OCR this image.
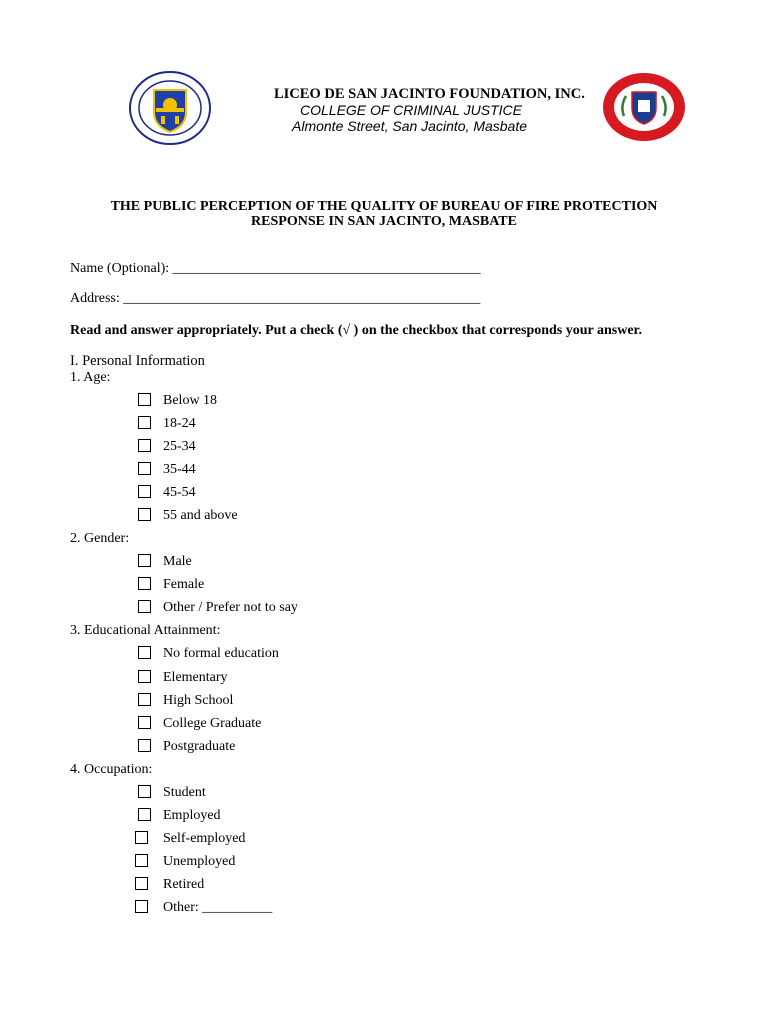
LICEO DE SAN JACINTO FOUNDATION, INC.
COLLEGE OF CRIMINAL JUSTICE
Almonte Street, San Jacinto, Masbate
THE PUBLIC PERCEPTION OF THE QUALITY OF BUREAU OF FIRE PROTECTION
RESPONSE IN SAN JACINTO, MASBATE
Name (Optional): ____________________________________________
Address: ___________________________________________________
Read and answer appropriately. Put a check (√ ) on the checkbox that corresponds your answer.
I. Personal Information
1. Age:
Below 18
18-24
25-34
35-44
45-54
55 and above
2. Gender:
Male
Female
Other / Prefer not to say
3. Educational Attainment:
No formal education
Elementary
High School
College Graduate
Postgraduate
4. Occupation:
Student
Employed
Self-employed
Unemployed
Retired
Other: __________
